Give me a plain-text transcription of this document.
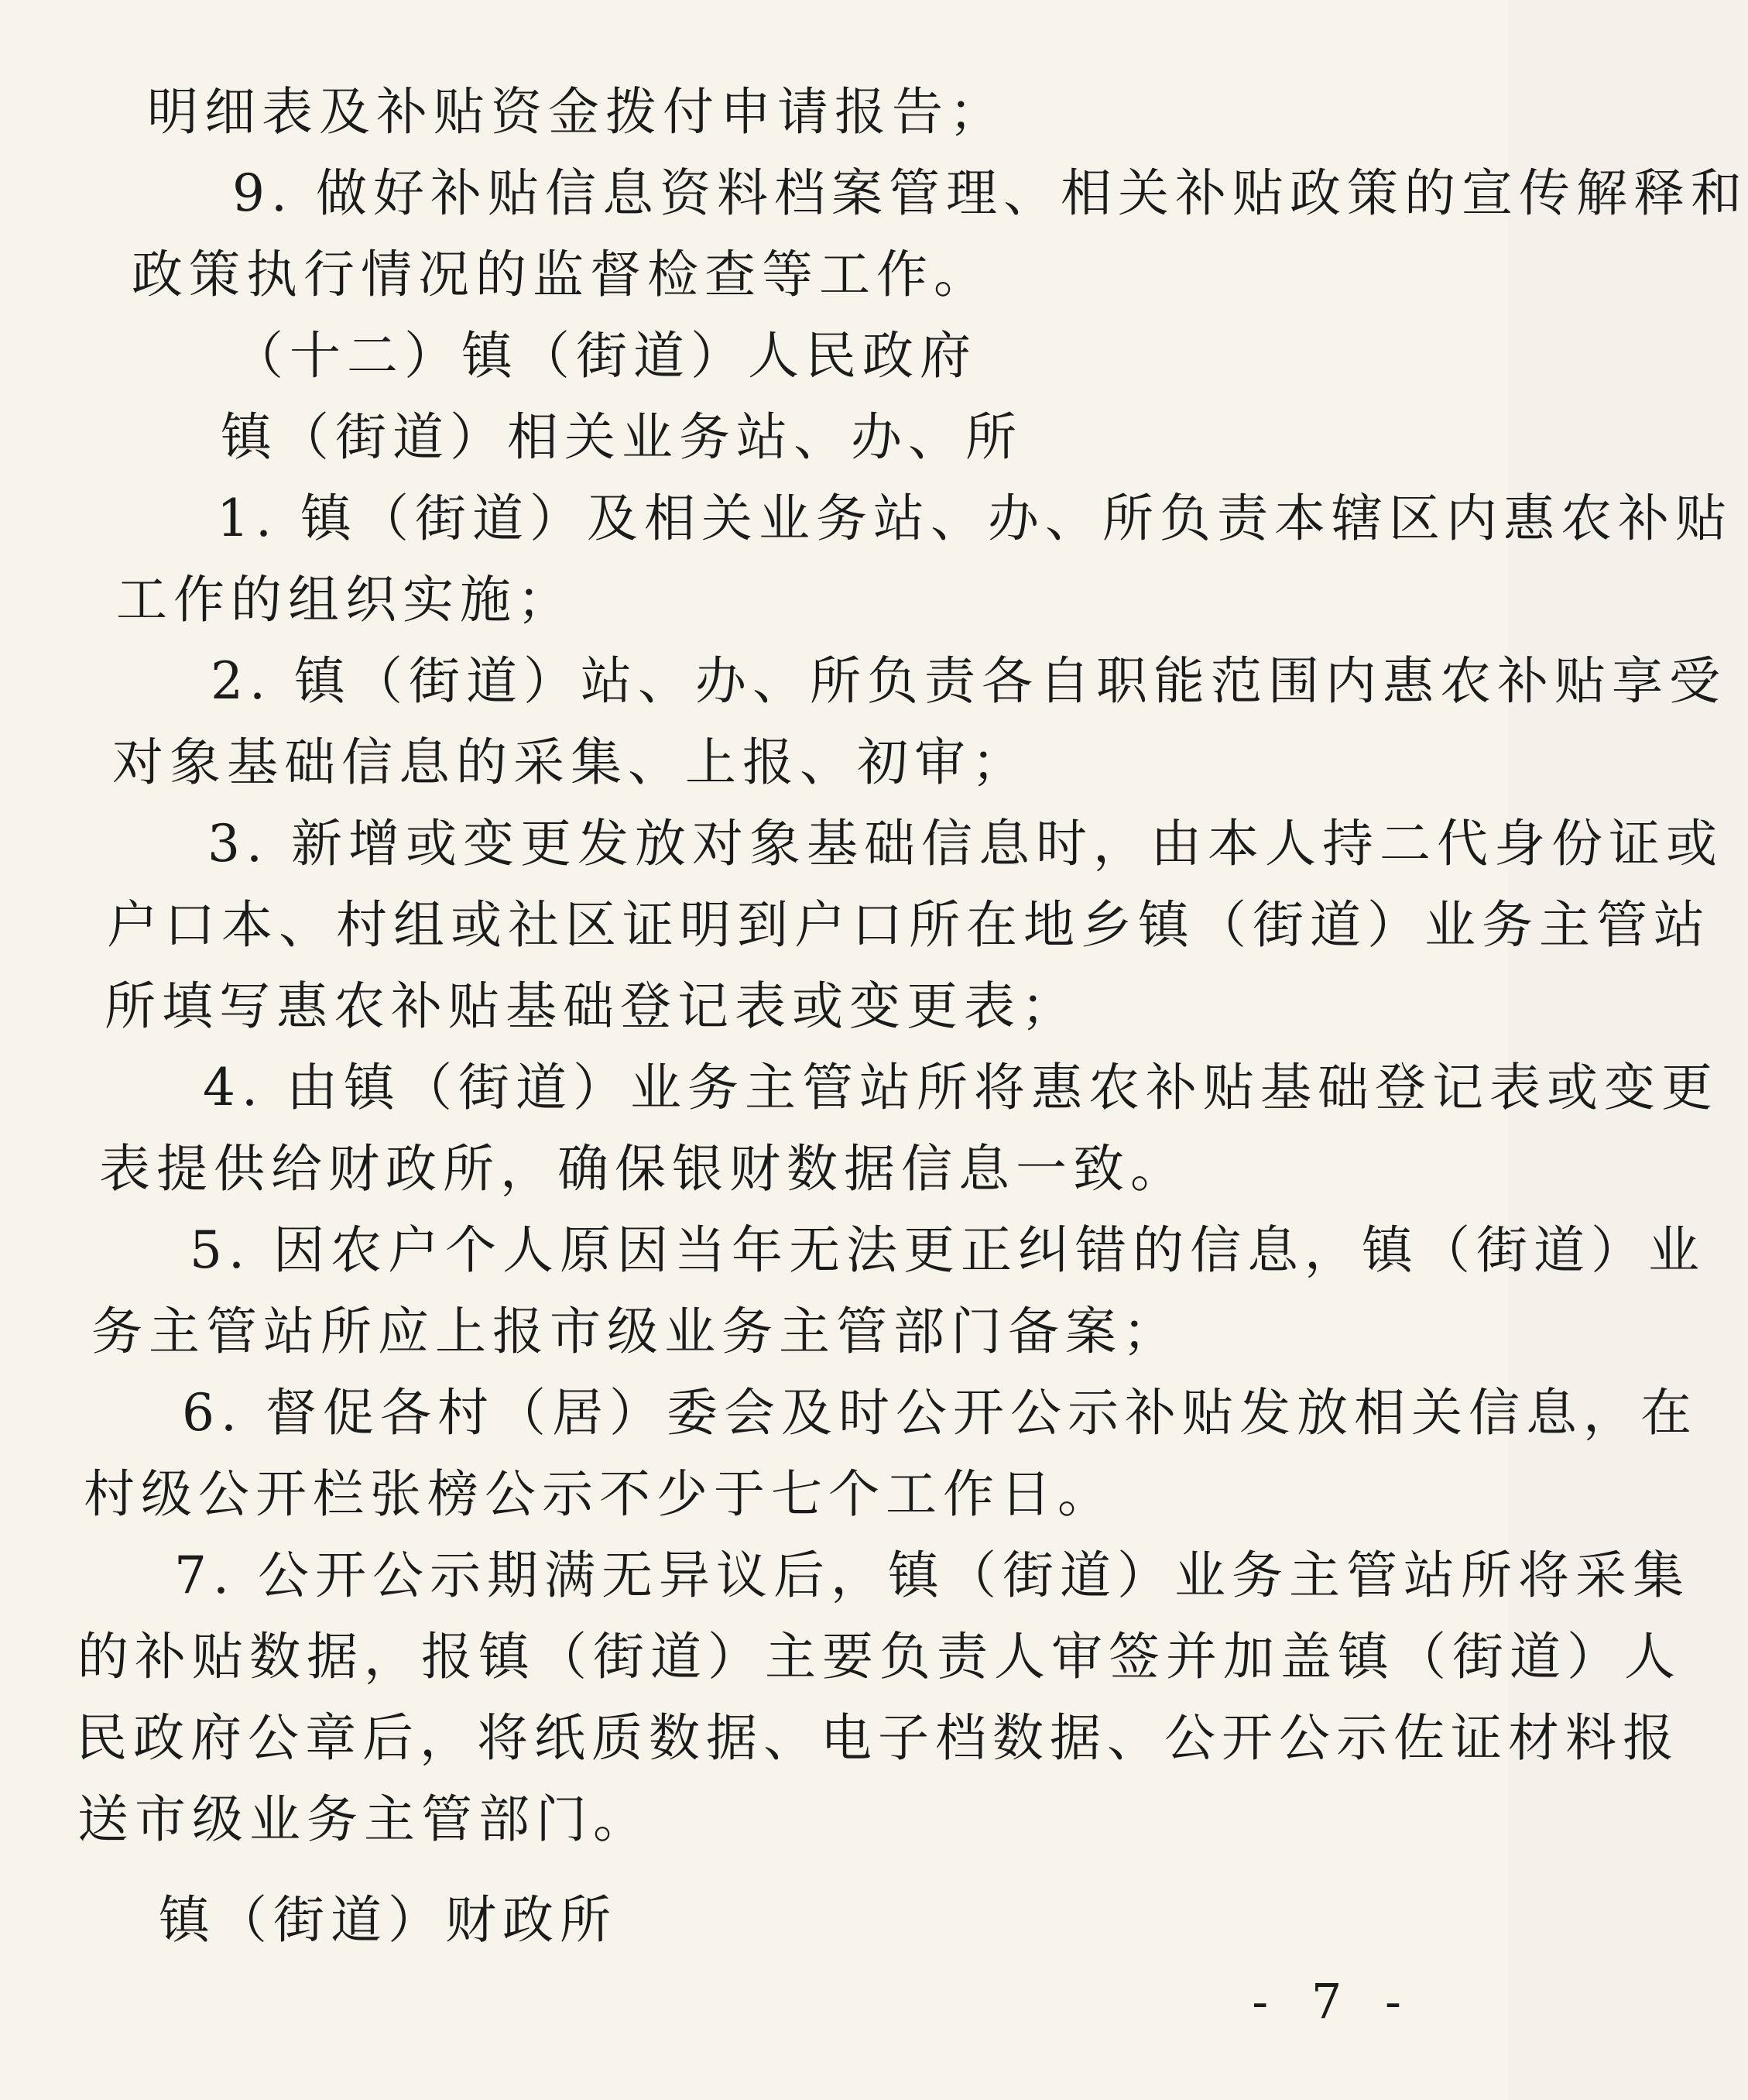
明细表及补贴资金拨付申请报告；
9. 做好补贴信息资料档案管理、相关补贴政策的宣传解释和
政策执行情况的监督检查等工作。
（十二）镇（街道）人民政府
镇（街道）相关业务站、办、所
1. 镇（街道）及相关业务站、办、所负责本辖区内惠农补贴
工作的组织实施；
2. 镇（街道）站、办、所负责各自职能范围内惠农补贴享受
对象基础信息的采集、上报、初审；
3. 新增或变更发放对象基础信息时，由本人持二代身份证或
户口本、村组或社区证明到户口所在地乡镇（街道）业务主管站
所填写惠农补贴基础登记表或变更表；
4. 由镇（街道）业务主管站所将惠农补贴基础登记表或变更
表提供给财政所，确保银财数据信息一致。
5. 因农户个人原因当年无法更正纠错的信息，镇（街道）业
务主管站所应上报市级业务主管部门备案；
6. 督促各村（居）委会及时公开公示补贴发放相关信息，在
村级公开栏张榜公示不少于七个工作日。
7. 公开公示期满无异议后，镇（街道）业务主管站所将采集
的补贴数据，报镇（街道）主要负责人审签并加盖镇（街道）人
民政府公章后，将纸质数据、电子档数据、公开公示佐证材料报
送市级业务主管部门。
镇（街道）财政所
- 7 -
